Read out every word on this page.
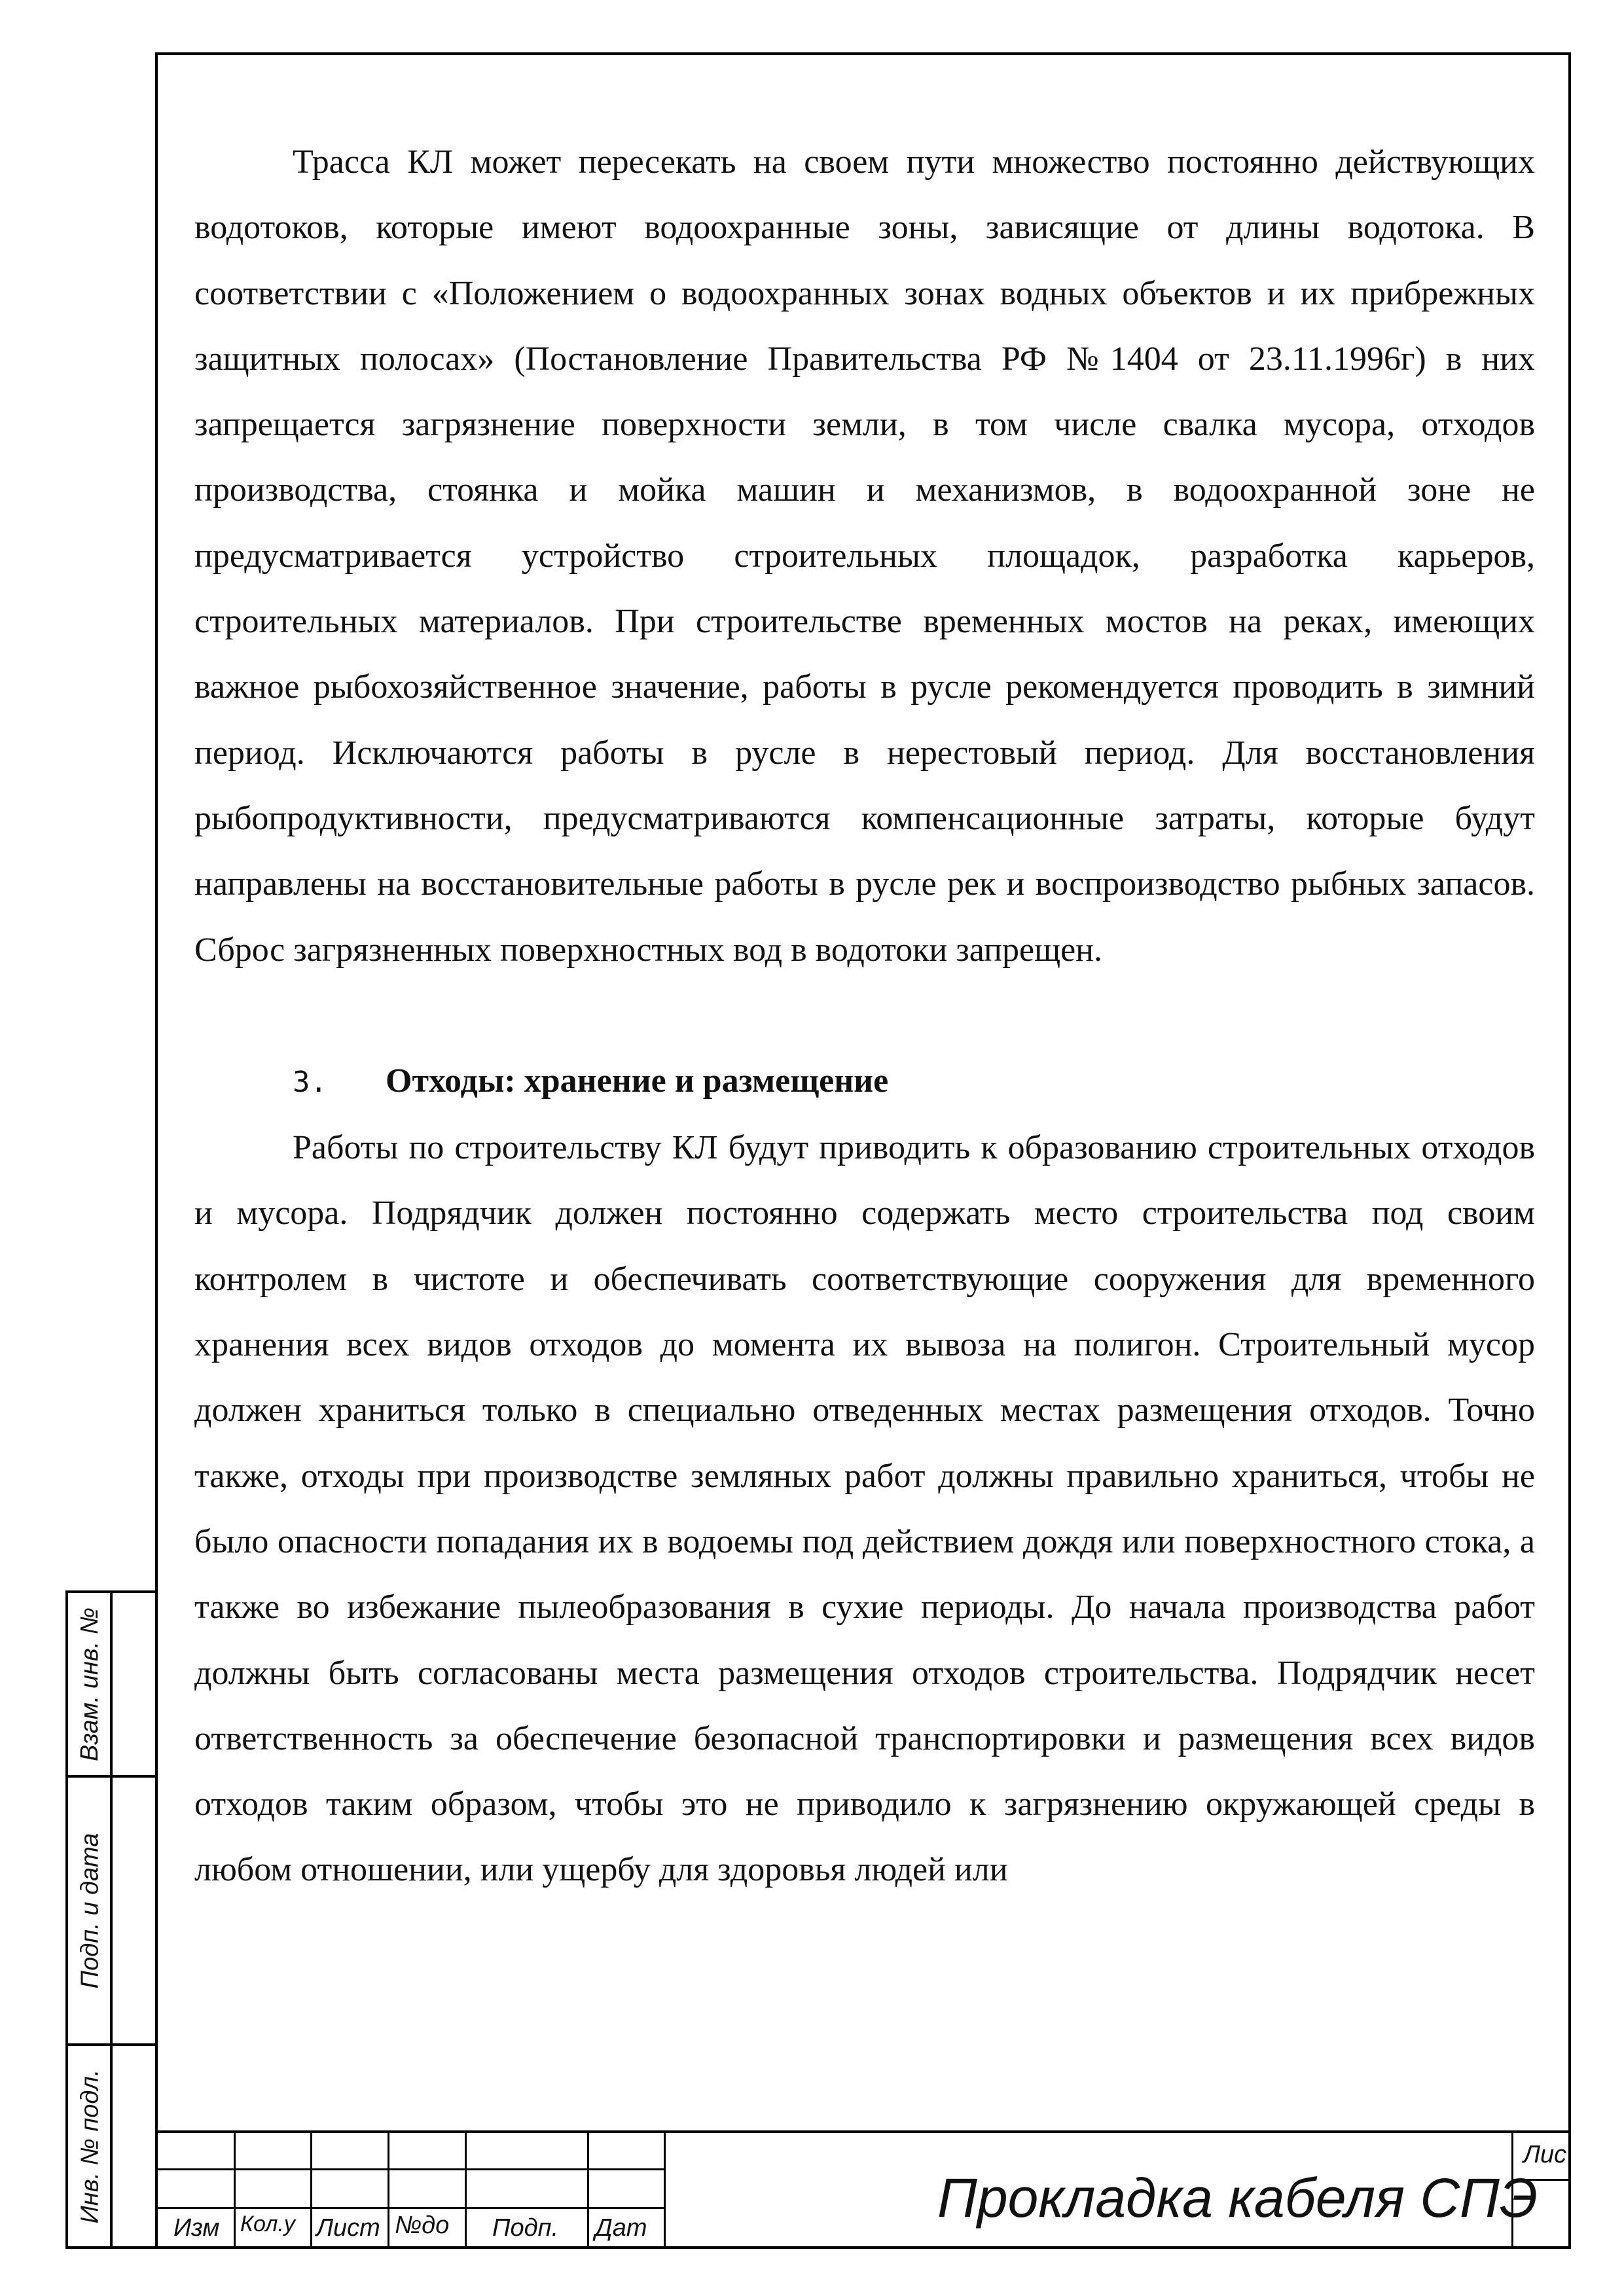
Трасса КЛ может пересекать на своем пути множество постоянно действующих водотоков, которые имеют водоохранные зоны, зависящие от длины водотока. В соответствии с «Положением о водоохранных зонах водных объектов и их прибрежных защитных полосах» (Постановление Правительства РФ №1404 от 23.11.1996г) в них запрещается загрязнение поверхности земли, в том числе свалка мусора, отходов производства, стоянка и мойка машин и механизмов, в водоохранной зоне не предусматривается устройство строительных площадок, разработка карьеров, строительных материалов. При строительстве временных мостов на реках, имеющих важное рыбохозяйственное значение, работы в русле рекомендуется проводить в зимний период. Исключаются работы в русле в нерестовый период. Для восстановления рыбопродуктивности, предусматриваются компенсационные затраты, которые будут направлены на восстановительные работы в русле рек и воспроизводство рыбных запасов. Сброс загрязненных поверхностных вод в водотоки запрещен.

3. Отходы: хранение и размещение

Работы по строительству КЛ будут приводить к образованию строительных отходов и мусора. Подрядчик должен постоянно содержать место строительства под своим контролем в чистоте и обеспечивать соответствующие сооружения для временного хранения всех видов отходов до момента их вывоза на полигон. Строительный мусор должен храниться только в специально отведенных местах размещения отходов. Точно также, отходы при производстве земляных работ должны правильно храниться, чтобы не было опасности попадания их в водоемы под действием дождя или поверхностного стока, а также во избежание пылеобразования в сухие периоды. До начала производства работ должны быть согласованы места размещения отходов строительства. Подрядчик несет ответственность за обеспечение безопасной транспортировки и размещения всех видов отходов таким образом, чтобы это не приводило к загрязнению окружающей среды в любом отношении, или ущербу для здоровья людей или

Взам. инв. №
Подп. и дата
Инв. № подл.
Изм Кол.у Лист №до Подп. Дат	Прокладка кабеля СПЭ
Лис
